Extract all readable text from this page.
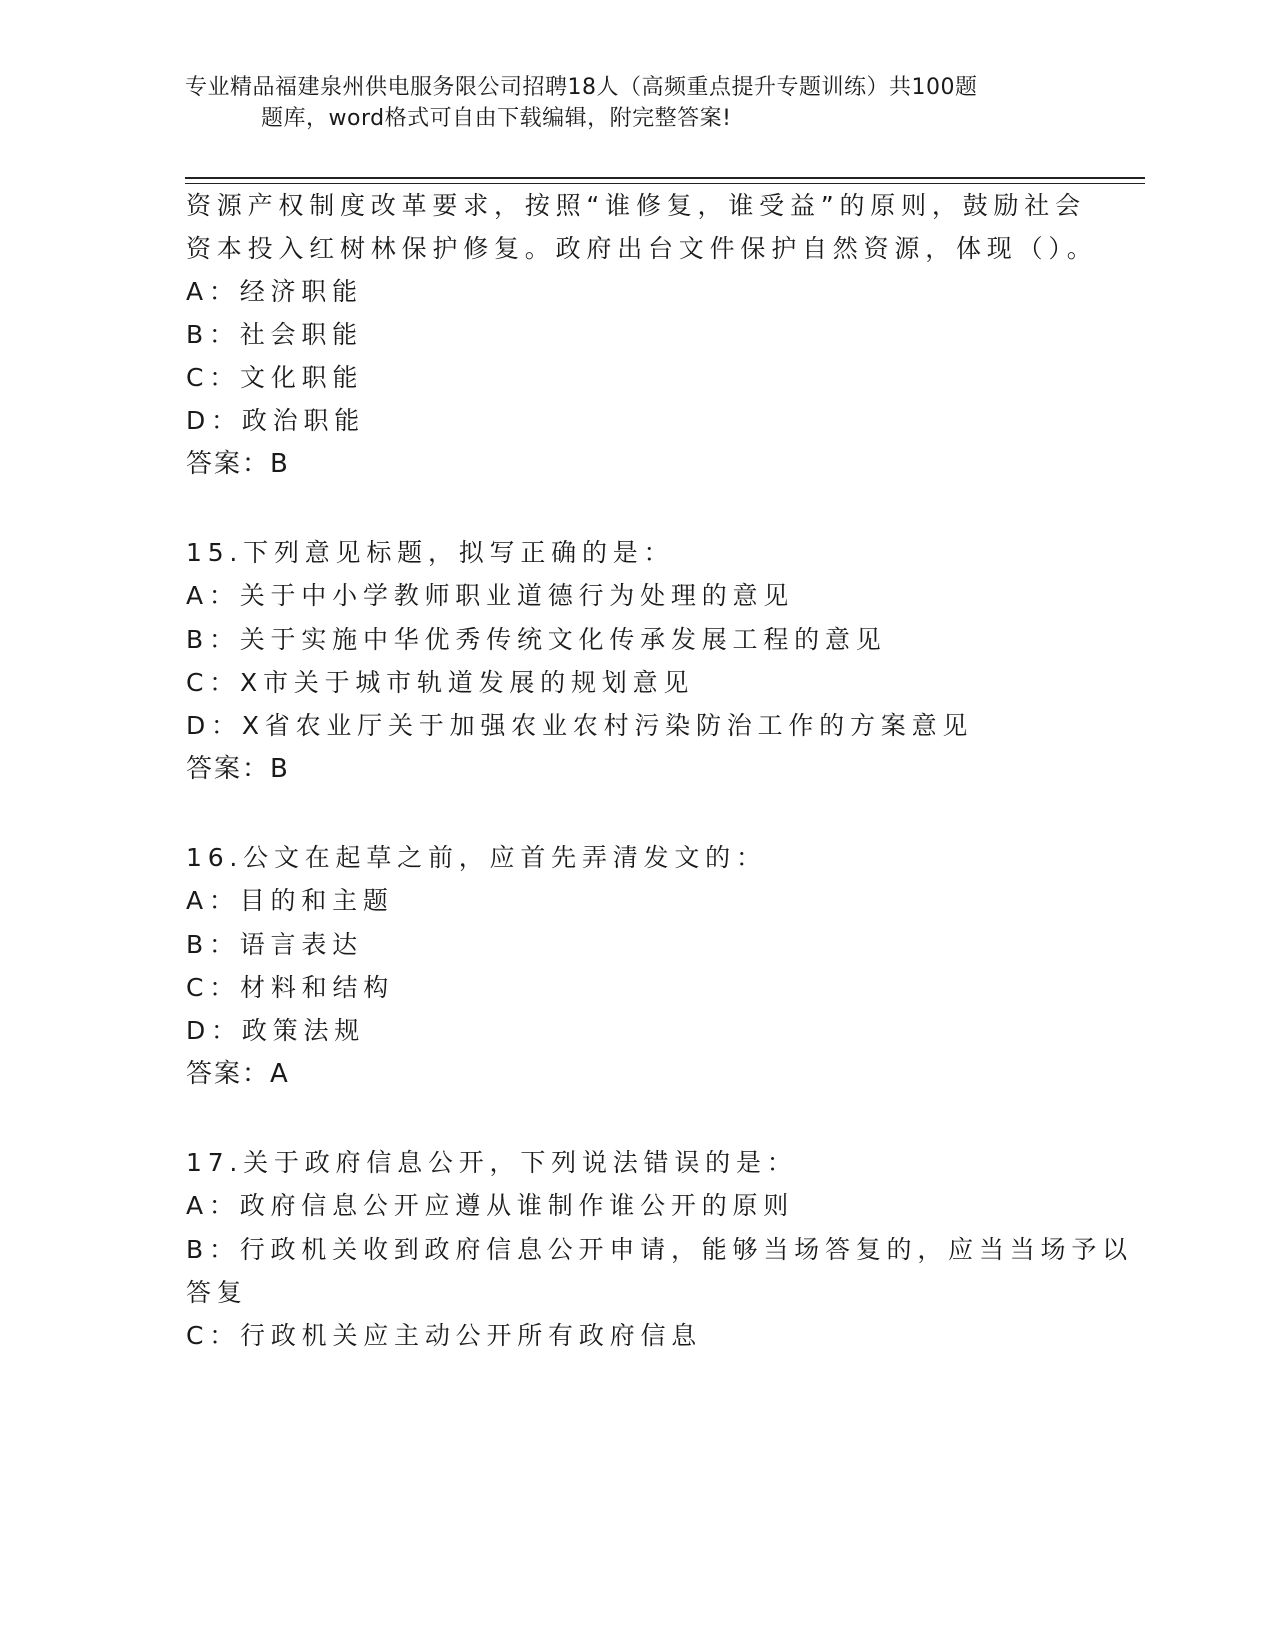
专业精品福建泉州供电服务限公司招聘18人（高频重点提升专题训练）共100题
题库，word格式可自由下载编辑，附完整答案!
资源产权制度改革要求，按照“谁修复，谁受益”的原则，鼓励社会
资本投入红树林保护修复。政府出台文件保护自然资源，体现（）。
A：经济职能
B：社会职能
C：文化职能
D：政治职能
答案：B
15.下列意见标题，拟写正确的是：
A：关于中小学教师职业道德行为处理的意见
B：关于实施中华优秀传统文化传承发展工程的意见
C：X市关于城市轨道发展的规划意见
D：X省农业厅关于加强农业农村污染防治工作的方案意见
答案：B
16.公文在起草之前，应首先弄清发文的：
A：目的和主题
B：语言表达
C：材料和结构
D：政策法规
答案：A
17.关于政府信息公开，下列说法错误的是：
A：政府信息公开应遵从谁制作谁公开的原则
B：行政机关收到政府信息公开申请，能够当场答复的，应当当场予以
答复
C：行政机关应主动公开所有政府信息
